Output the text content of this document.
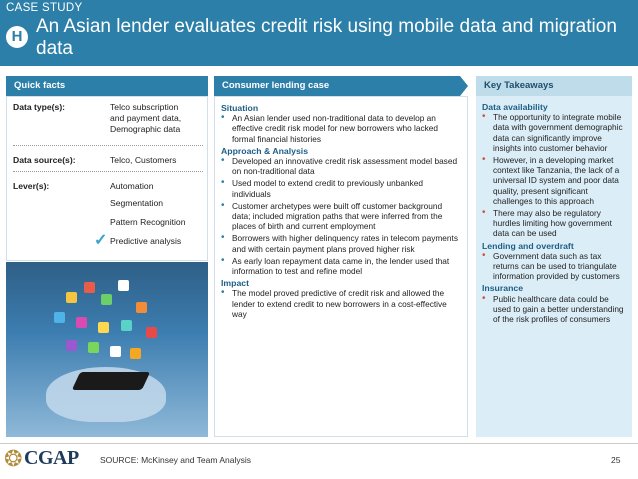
CASE STUDY
H An Asian lender evaluates credit risk using mobile data and migration data
Quick facts	Consumer lending case	Key Takeaways
Data type(s):	Telco subscription
and payment data,
Demographic data
Data source(s):	Telco, Customers
Lever(s):	Automation
Segmentation
Pattern Recognition
Predictive analysis
✓
Situation
• An Asian lender used non-traditional data to develop an effective credit risk model for new borrowers who lacked formal financial histories
Approach & Analysis
• Developed an innovative credit risk assessment model based on non-traditional data
• Used model to extend credit to previously unbanked individuals
• Customer archetypes were built off customer background data; included migration paths that were inferred from the places of birth and current employment
• Borrowers with higher delinquency rates in telecom payments and with certain payment plans proved higher risk
• As early loan repayment data came in, the lender used that information to test and refine model
Impact
• The model proved predictive of credit risk and allowed the lender to extend credit to new borrowers in a cost-effective way
Data availability
• The opportunity to integrate mobile data with government demographic data can significantly improve insights into customer behavior
• However, in a developing market context like Tanzania, the lack of a universal ID system and poor data quality, present significant challenges to this approach
• There may also be regulatory hurdles limiting how government data can be used
Lending and overdraft
• Government data such as tax returns can be used to triangulate information provided by customers
Insurance
• Public healthcare data could be used to gain a better understanding of the risk profiles of consumers
❂ CGAP	SOURCE: McKinsey and Team Analysis	25
